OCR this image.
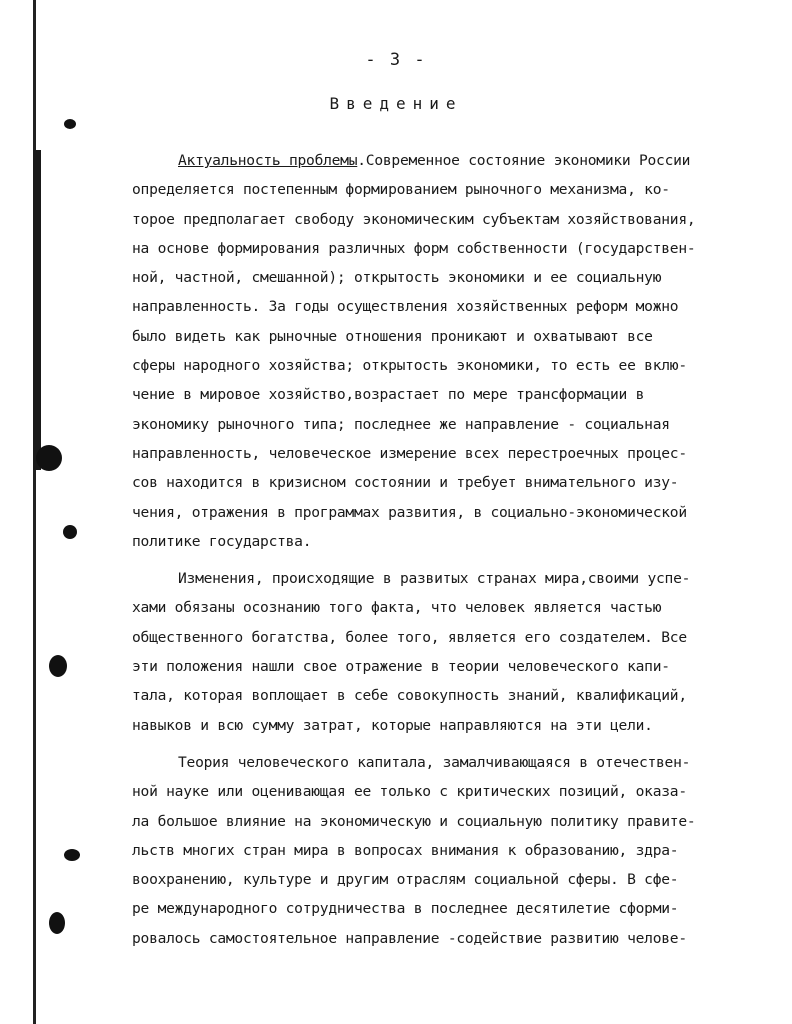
- 3 -
Введение
Актуальность проблемы.Современное состояние экономики России
определяется постепенным формированием рыночного механизма, ко-
торое предполагает свободу экономическим субъектам хозяйствования,
на основе формирования различных форм собственности (государствен-
ной, частной, смешанной); открытость экономики и ее социальную
направленность. За годы осуществления хозяйственных реформ можно
было видеть как рыночные отношения проникают и охватывают все
сферы народного хозяйства; открытость экономики, то есть ее вклю-
чение в мировое хозяйство,возрастает по мере трансформации в
экономику рыночного типа; последнее же направление - социальная
направленность, человеческое измерение всех перестроечных процес-
сов находится в кризисном состоянии и требует внимательного изу-
чения, отражения в программах развития, в социально-экономической
политике государства.
Изменения, происходящие в развитых странах мира,своими успе-
хами обязаны осознанию того факта, что человек является частью
общественного богатства, более того, является его создателем. Все
эти положения нашли свое отражение в теории человеческого капи-
тала, которая воплощает в себе совокупность знаний, квалификаций,
навыков и всю сумму затрат, которые направляются на эти цели.
Теория человеческого капитала, замалчивающаяся в отечествен-
ной науке или оценивающая ее только с критических позиций, оказа-
ла большое влияние на экономическую и социальную политику правите-
льств многих стран мира в вопросах внимания к образованию, здра-
воохранению, культуре и другим отраслям социальной сферы. В сфе-
ре международного сотрудничества в последнее десятилетие сформи-
ровалось самостоятельное направление -содействие развитию челове-
